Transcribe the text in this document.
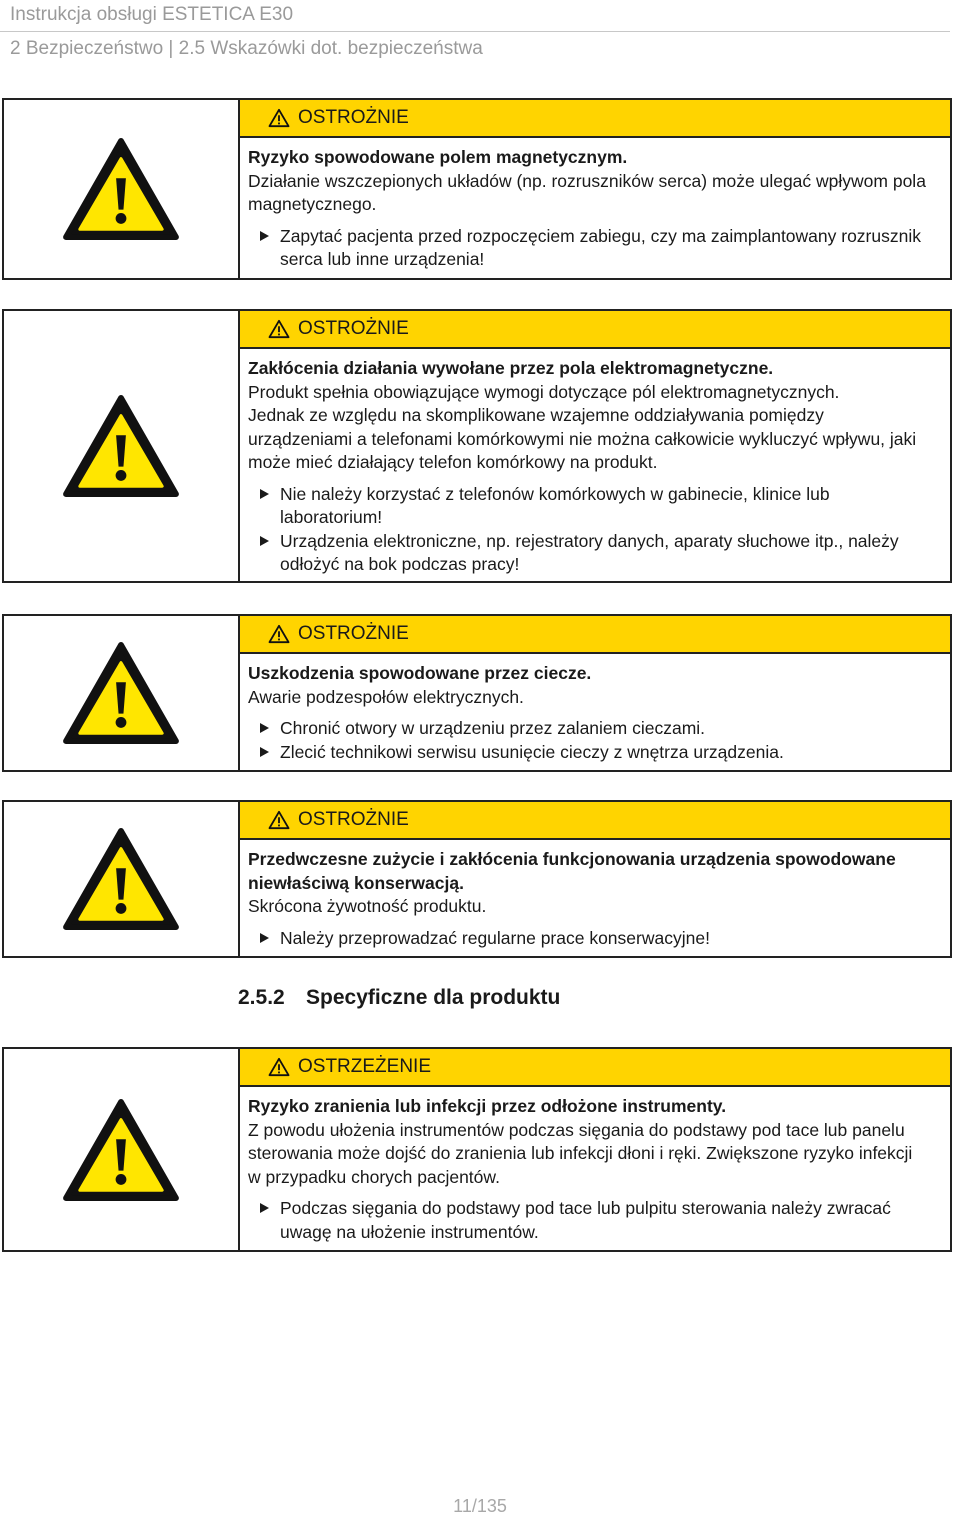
Instrukcja obsługi ESTETICA E30
2 Bezpieczeństwo | 2.5 Wskazówki dot. bezpieczeństwa
OSTROŻNIE

Ryzyko spowodowane polem magnetycznym.

Działanie wszczepionych układów (np. rozruszników serca) może ulegać wpływom pola magnetycznego.

Zapytać pacjenta przed rozpoczęciem zabiegu, czy ma zaimplantowany rozrusznik serca lub inne urządzenia!
OSTROŻNIE

Zakłócenia działania wywołane przez pola elektromagnetyczne.

Produkt spełnia obowiązujące wymogi dotyczące pól elektromagnetycznych.

Jednak ze względu na skomplikowane wzajemne oddziaływania pomiędzy urządzeniami a telefonami komórkowymi nie można całkowicie wykluczyć wpływu, jaki może mieć działający telefon komórkowy na produkt.

Nie należy korzystać z telefonów komórkowych w gabinecie, klinice lub laboratorium!
Urządzenia elektroniczne, np. rejestratory danych, aparaty słuchowe itp., należy odłożyć na bok podczas pracy!
OSTROŻNIE

Uszkodzenia spowodowane przez ciecze.

Awarie podzespołów elektrycznych.

Chronić otwory w urządzeniu przez zalaniem cieczami.
Zlecić technikowi serwisu usunięcie cieczy z wnętrza urządzenia.
OSTROŻNIE

Przedwczesne zużycie i zakłócenia funkcjonowania urządzenia spowodowane niewłaściwą konserwacją.

Skrócona żywotność produktu.

Należy przeprowadzać regularne prace konserwacyjne!
2.5.2 Specyficzne dla produktu
OSTRZEŻENIE

Ryzyko zranienia lub infekcji przez odłożone instrumenty.

Z powodu ułożenia instrumentów podczas sięgania do podstawy pod tace lub panelu sterowania może dojść do zranienia lub infekcji dłoni i ręki. Zwiększone ryzyko infekcji w przypadku chorych pacjentów.

Podczas sięgania do podstawy pod tace lub pulpitu sterowania należy zwracać uwagę na ułożenie instrumentów.
11/135
